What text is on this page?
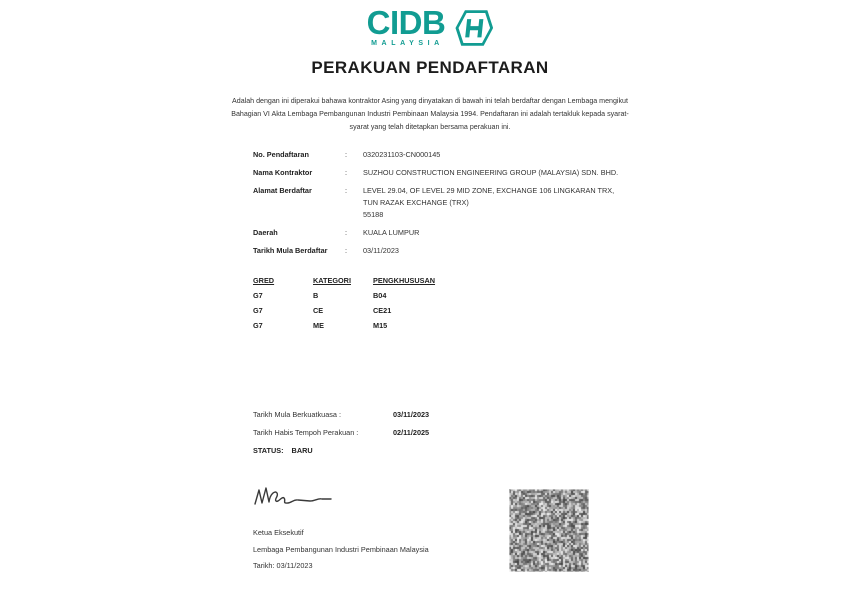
CIDB
MALAYSIA
PERAKUAN PENDAFTARAN

Adalah dengan ini diperakui bahawa kontraktor Asing yang dinyatakan di bawah ini telah berdaftar dengan Lembaga mengikut
Bahagian VI Akta Lembaga Pembangunan Industri Pembinaan Malaysia 1994. Pendaftaran ini adalah tertakluk kepada syarat-
syarat yang telah ditetapkan bersama perakuan ini.

No. Pendaftaran	:	0320231103-CN000145
Nama Kontraktor	:	SUZHOU CONSTRUCTION ENGINEERING GROUP (MALAYSIA) SDN. BHD.
Alamat Berdaftar	:	LEVEL 29.04, OF LEVEL 29 MID ZONE, EXCHANGE 106 LINGKARAN TRX,
TUN RAZAK EXCHANGE (TRX)
55188
Daerah	:	KUALA LUMPUR
Tarikh Mula Berdaftar	:	03/11/2023
GRED	KATEGORI	PENGKHUSUSAN
G7	B	B04
G7	CE	CE21
G7	ME	M15
Tarikh Mula Berkuatkuasa :	03/11/2023
Tarikh Habis Tempoh Perakuan :	02/11/2025
STATUS: BARU
Ketua Eksekutif
Lembaga Pembangunan Industri Pembinaan Malaysia
Tarikh: 03/11/2023
